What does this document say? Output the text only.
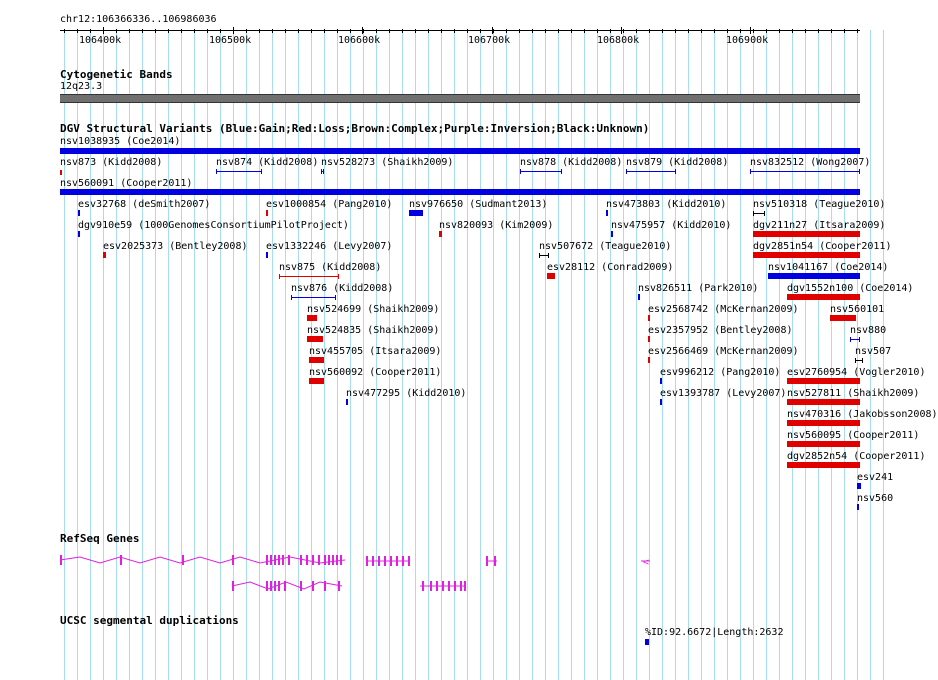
chr12:106366336..106986036
106400k	106500k	106600k	106700k	106800k	106900k
Cytogenetic Bands
12q23.3
DGV Structural Variants (Blue:Gain;Red:Loss;Brown:Complex;Purple:Inversion;Black:Unknown)
nsv1038935 (Coe2014)
nsv873 (Kidd2008)	nsv874 (Kidd2008) nsv528273 (Shaikh2009)	nsv878 (Kidd2008) nsv879 (Kidd2008) nsv832512 (Wong2007)
nsv560091 (Cooper2011)
esv32768 (deSmith2007)	esv1000854 (Pang2010) nsv976650 (Sudmant2013)	nsv473803 (Kidd2010)	nsv510318 (Teague2010)
dgv910e59 (1000GenomesConsortiumPilotProject)	nsv820093 (Kim2009)	nsv475957 (Kidd2010) dgv211n27 (Itsara2009)
esv2025373 (Bentley2008) esv1332246 (Levy2007)	nsv507672 (Teague2010)	dgv2851n54 (Cooper2011)
nsv875 (Kidd2008)	esv28112 (Conrad2009)	nsv1041167 (Coe2014)
nsv876 (Kidd2008)	nsv826511 (Park2010)	dgv1552n100 (Coe2014)
nsv524699 (Shaikh2009)	esv2568742 (McKernan2009)	nsv560101
nsv524835 (Shaikh2009)	esv2357952 (Bentley2008)	nsv880
nsv455705 (Itsara2009)	esv2566469 (McKernan2009)	nsv507
nsv560092 (Cooper2011)	esv996212 (Pang2010) esv2760954 (Vogler2010)
nsv477295 (Kidd2010)	esv1393787 (Levy2007) nsv527811 (Shaikh2009)
nsv470316 (Jakobsson2008)
nsv560095 (Cooper2011)
dgv2852n54 (Cooper2011)
esv241
nsv560
RefSeq Genes
<
UCSC segmental duplications
%ID:92.6672|Length:2632
